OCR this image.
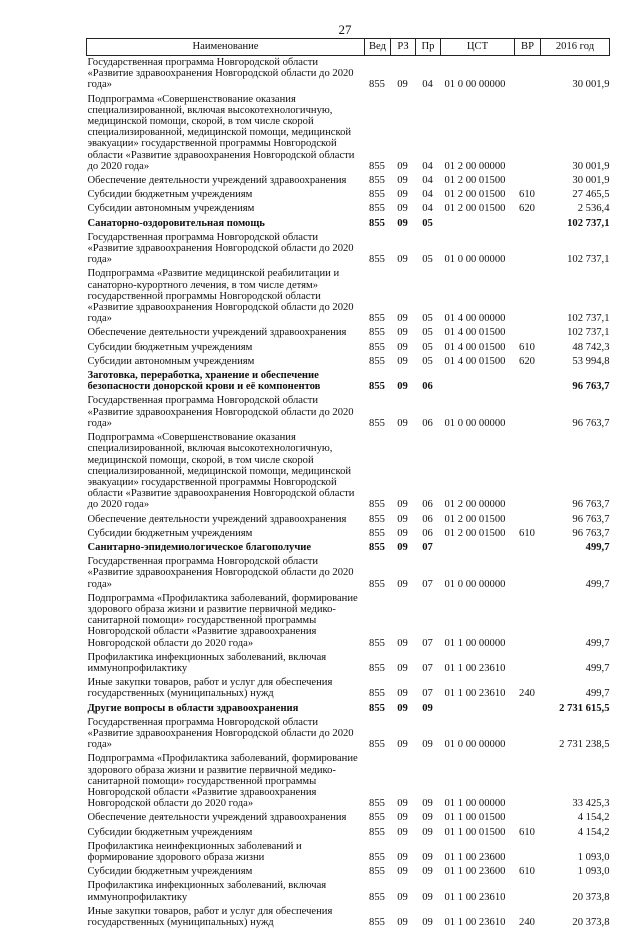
27
Наименование	Вед	РЗ	Пр	ЦСТ	ВР	2016 год
Государственная программа Новгородской области «Развитие здравоохранения Новгородской области до 2020 года»	855	09	04	01 0 00 00000		30 001,9
Подпрограмма «Совершенствование оказания специализированной, включая высокотехнологичную, медицинской помощи, скорой, в том числе скорой специализированной, медицинской помощи, медицинской эвакуации» государственной программы Новгородской области «Развитие здравоохранения Новгородской области до 2020 года»	855	09	04	01 2 00 00000		30 001,9
Обеспечение деятельности учреждений здравоохранения	855	09	04	01 2 00 01500		30 001,9
Субсидии бюджетным учреждениям	855	09	04	01 2 00 01500	610	27 465,5
Субсидии автономным учреждениям	855	09	04	01 2 00 01500	620	2 536,4
Санаторно-оздоровительная помощь	855	09	05			102 737,1
Государственная программа Новгородской области «Развитие здравоохранения Новгородской области до 2020 года»	855	09	05	01 0 00 00000		102 737,1
Подпрограмма «Развитие медицинской реабилитации и санаторно-курортного лечения, в том числе детям» государственной программы Новгородской области «Развитие здравоохранения Новгородской области до 2020 года»	855	09	05	01 4 00 00000		102 737,1
Обеспечение деятельности учреждений здравоохранения	855	09	05	01 4 00 01500		102 737,1
Субсидии бюджетным учреждениям	855	09	05	01 4 00 01500	610	48 742,3
Субсидии автономным учреждениям	855	09	05	01 4 00 01500	620	53 994,8
Заготовка, переработка, хранение и обеспечение безопасности донорской крови и её компонентов	855	09	06			96 763,7
Государственная программа Новгородской области «Развитие здравоохранения Новгородской области до 2020 года»	855	09	06	01 0 00 00000		96 763,7
Подпрограмма «Совершенствование оказания специализированной, включая высокотехнологичную, медицинской помощи, скорой, в том числе скорой специализированной, медицинской помощи, медицинской эвакуации» государственной программы Новгородской области «Развитие здравоохранения Новгородской области до 2020 года»	855	09	06	01 2 00 00000		96 763,7
Обеспечение деятельности учреждений здравоохранения	855	09	06	01 2 00 01500		96 763,7
Субсидии бюджетным учреждениям	855	09	06	01 2 00 01500	610	96 763,7
Санитарно-эпидемиологическое благополучие	855	09	07			499,7
Государственная программа Новгородской области «Развитие здравоохранения Новгородской области до 2020 года»	855	09	07	01 0 00 00000		499,7
Подпрограмма «Профилактика заболеваний, формирование здорового образа жизни и развитие первичной медико-санитарной помощи» государственной программы Новгородской области «Развитие здравоохранения Новгородской области до 2020 года»	855	09	07	01 1 00 00000		499,7
Профилактика инфекционных заболеваний, включая иммунопрофилактику	855	09	07	01 1 00 23610		499,7
Иные закупки товаров, работ и услуг для обеспечения государственных (муниципальных) нужд	855	09	07	01 1 00 23610	240	499,7
Другие вопросы в области здравоохранения	855	09	09			2 731 615,5
Государственная программа Новгородской области «Развитие здравоохранения Новгородской области до 2020 года»	855	09	09	01 0 00 00000		2 731 238,5
Подпрограмма «Профилактика заболеваний, формирование здорового образа жизни и развитие первичной медико-санитарной помощи» государственной программы Новгородской области «Развитие здравоохранения Новгородской области до 2020 года»	855	09	09	01 1 00 00000		33 425,3
Обеспечение деятельности учреждений здравоохранения	855	09	09	01 1 00 01500		4 154,2
Субсидии бюджетным учреждениям	855	09	09	01 1 00 01500	610	4 154,2
Профилактика неинфекционных заболеваний и формирование здорового образа жизни	855	09	09	01 1 00 23600		1 093,0
Субсидии бюджетным учреждениям	855	09	09	01 1 00 23600	610	1 093,0
Профилактика инфекционных заболеваний, включая иммунопрофилактику	855	09	09	01 1 00 23610		20 373,8
Иные закупки товаров, работ и услуг для обеспечения государственных (муниципальных) нужд	855	09	09	01 1 00 23610	240	20 373,8
